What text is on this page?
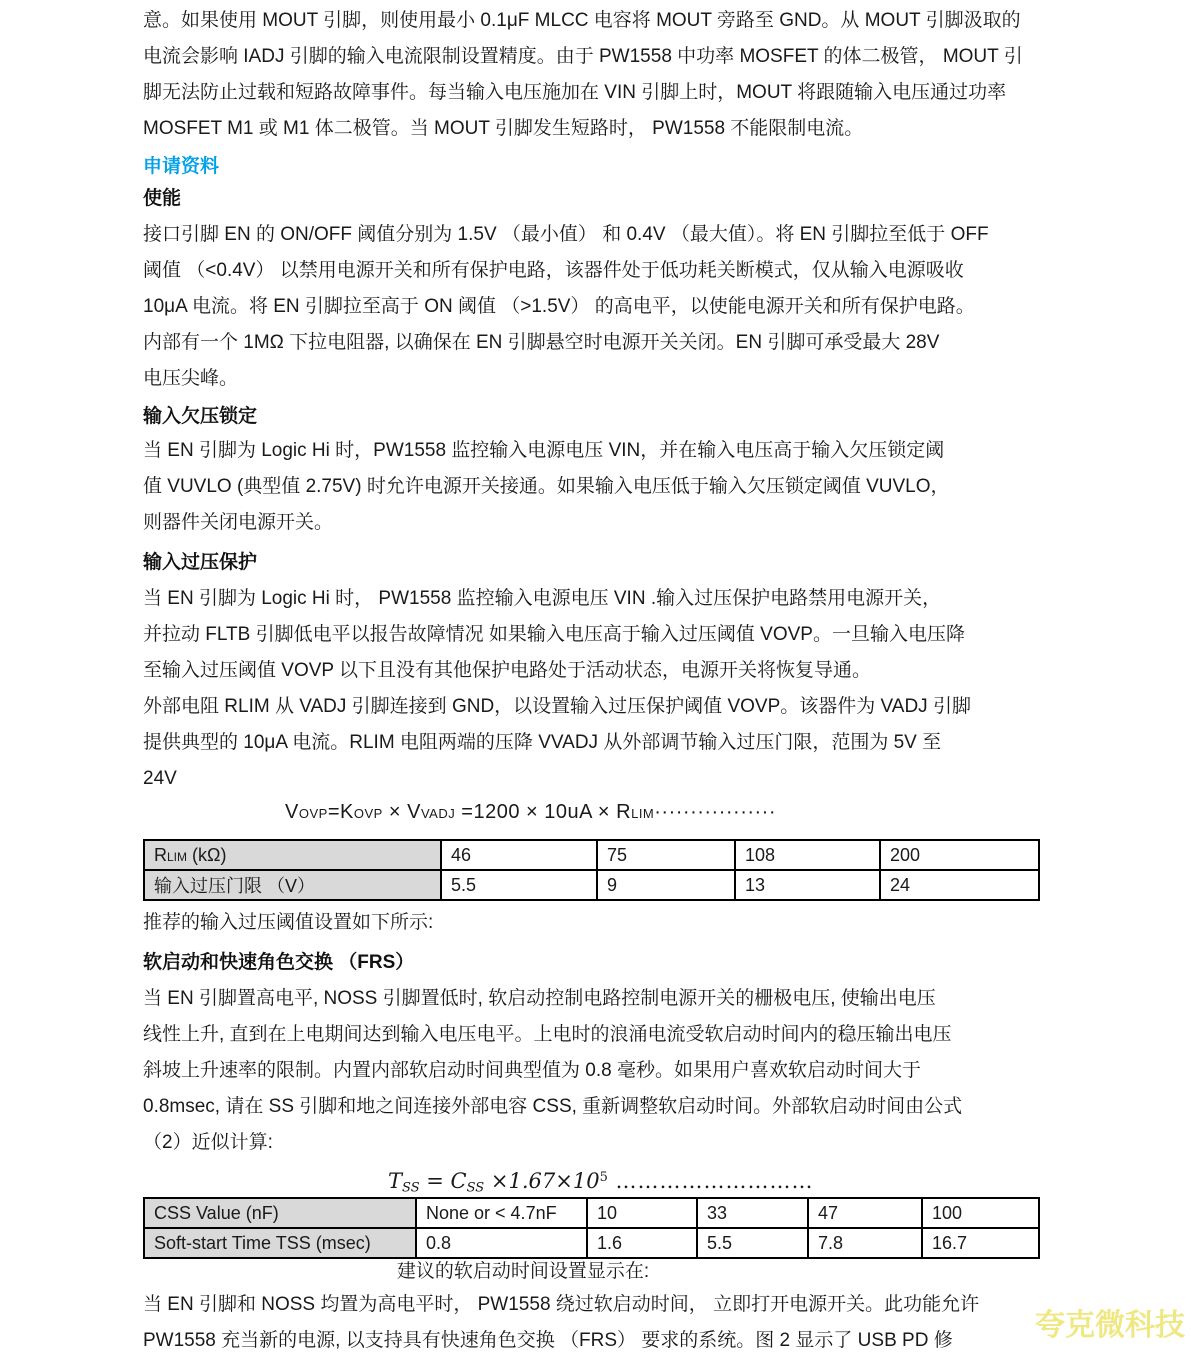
意。如果使用 MOUT 引脚，则使用最小 0.1μF MLCC 电容将 MOUT 旁路至 GND。从 MOUT 引脚汲取的
电流会影响 IADJ 引脚的输入电流限制设置精度。由于 PW1558 中功率 MOSFET 的体二极管， MOUT 引
脚无法防止过载和短路故障事件。每当输入电压施加在 VIN 引脚上时，MOUT 将跟随输入电压通过功率
MOSFET M1 或 M1 体二极管。当 MOUT 引脚发生短路时， PW1558 不能限制电流。
申请资料
使能
接口引脚 EN 的 ON/OFF 阈值分别为 1.5V （最小值） 和 0.4V （最大值）。将 EN 引脚拉至低于 OFF
阈值 （<0.4V） 以禁用电源开关和所有保护电路，该器件处于低功耗关断模式，仅从输入电源吸收
10μA 电流。将 EN 引脚拉至高于 ON 阈值 （>1.5V） 的高电平，以使能电源开关和所有保护电路。
内部有一个 1MΩ 下拉电阻器, 以确保在 EN 引脚悬空时电源开关关闭。EN 引脚可承受最大 28V
电压尖峰。
输入欠压锁定
当 EN 引脚为 Logic Hi 时，PW1558 监控输入电源电压 VIN，并在输入电压高于输入欠压锁定阈
值 VUVLO (典型值 2.75V) 时允许电源开关接通。如果输入电压低于输入欠压锁定阈值 VUVLO，
则器件关闭电源开关。
输入过压保护
当 EN 引脚为 Logic Hi 时， PW1558 监控输入电源电压 VIN .输入过压保护电路禁用电源开关，
并拉动 FLTB 引脚低电平以报告故障情况 如果输入电压高于输入过压阈值 VOVP。一旦输入电压降
至输入过压阈值 VOVP 以下且没有其他保护电路处于活动状态，电源开关将恢复导通。
外部电阻 RLIM 从 VADJ 引脚连接到 GND，以设置输入过压保护阈值 VOVP。该器件为 VADJ 引脚
提供典型的 10μA 电流。RLIM 电阻两端的压降 VVADJ 从外部调节输入过压门限，范围为 5V 至
24V
VOVP=KOVP × VVADJ =1200 × 10uA × RLIM·················
RLIM (kΩ)	46	75	108	200
输入过压门限 （V）	5.5	9	13	24
推荐的输入过压阈值设置如下所示:
软启动和快速角色交换 （FRS）
当 EN 引脚置高电平, NOSS 引脚置低时, 软启动控制电路控制电源开关的栅极电压, 使输出电压
线性上升, 直到在上电期间达到输入电压电平。上电时的浪涌电流受软启动时间内的稳压输出电压
斜坡上升速率的限制。内置内部软启动时间典型值为 0.8 毫秒。如果用户喜欢软启动时间大于
0.8msec, 请在 SS 引脚和地之间连接外部电容 CSS, 重新调整软启动时间。外部软启动时间由公式
（2）近似计算:
TSS = CSS $\times 1.67\times 10^5$ ………………………
CSS Value (nF)	None or < 4.7nF	10	33	47	100
Soft-start Time TSS (msec)	0.8	1.6	5.5	7.8	16.7
建议的软启动时间设置显示在:
当 EN 引脚和 NOSS 均置为高电平时， PW1558 绕过软启动时间， 立即打开电源开关。此功能允许
PW1558 充当新的电源, 以支持具有快速角色交换 （FRS） 要求的系统。图 2 显示了 USB PD 修	夸克微科技
